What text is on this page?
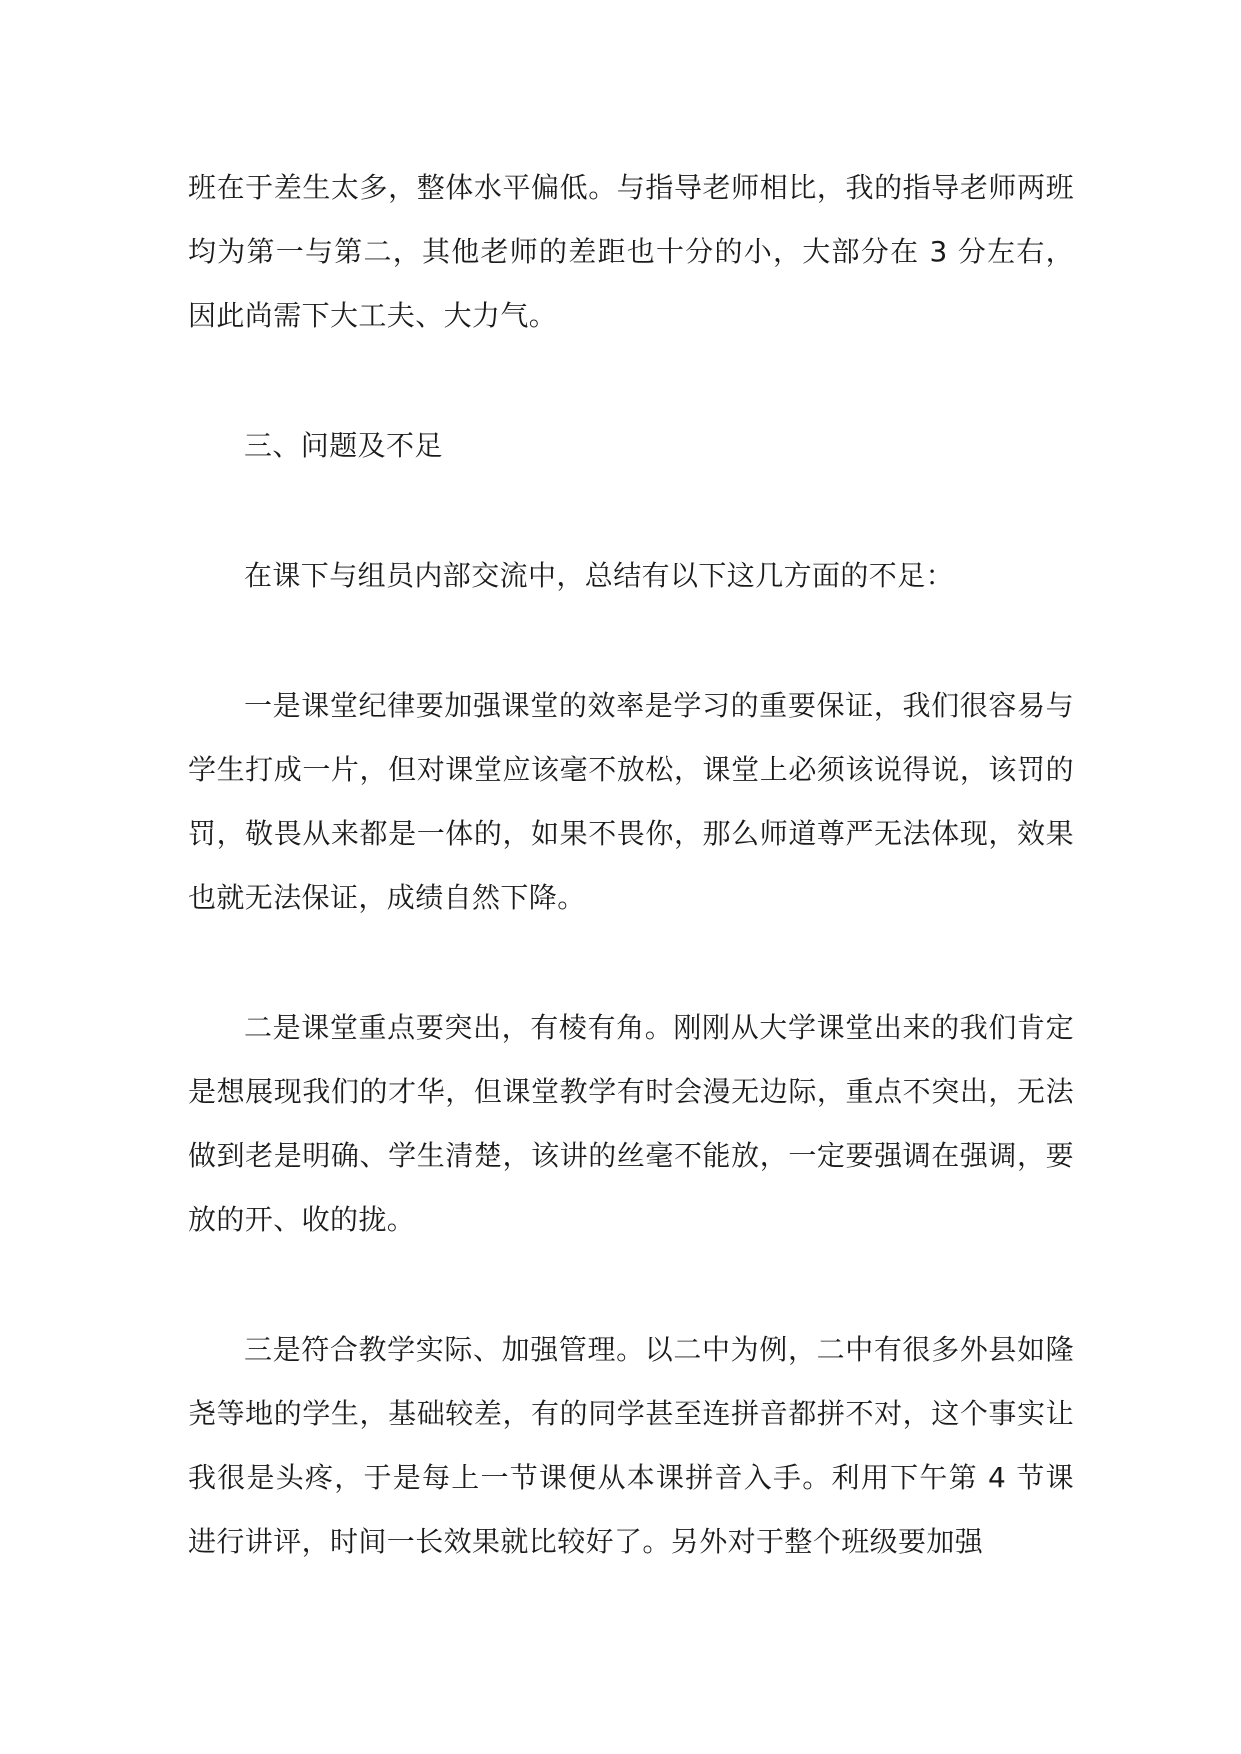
班在于差生太多，整体水平偏低。与指导老师相比，我的指导老师两班均为第一与第二，其他老师的差距也十分的小，大部分在 3 分左右，因此尚需下大工夫、大力气。

三、问题及不足

在课下与组员内部交流中，总结有以下这几方面的不足：

一是课堂纪律要加强课堂的效率是学习的重要保证，我们很容易与学生打成一片，但对课堂应该毫不放松，课堂上必须该说得说，该罚的罚，敬畏从来都是一体的，如果不畏你，那么师道尊严无法体现，效果也就无法保证，成绩自然下降。

二是课堂重点要突出，有棱有角。刚刚从大学课堂出来的我们肯定是想展现我们的才华，但课堂教学有时会漫无边际，重点不突出，无法做到老是明确、学生清楚，该讲的丝毫不能放，一定要强调在强调，要放的开、收的拢。

三是符合教学实际、加强管理。以二中为例，二中有很多外县如隆尧等地的学生，基础较差，有的同学甚至连拼音都拼不对，这个事实让我很是头疼，于是每上一节课便从本课拼音入手。利用下午第 4 节课进行讲评，时间一长效果就比较好了。另外对于整个班级要加强
